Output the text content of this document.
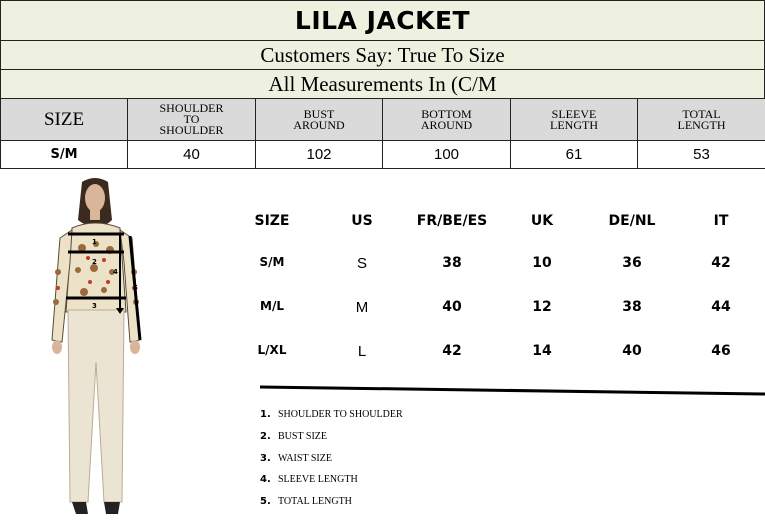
LILA JACKET
Customers Say: True To Size
All Measurements In (C/M
SIZE	SHOULDER TO SHOULDER	BUST AROUND	BOTTOM AROUND	SLEEVE LENGTH	TOTAL LENGTH
S/M	40	102	100	61	53
1
2
3
4
5
SIZE	US	FR/BE/ES	UK	DE/NL	IT
S/M	S	38	10	36	42
M/L	M	40	12	38	44
L/XL	L	42	14	40	46
1. SHOULDER TO SHOULDER
2. BUST SIZE
3. WAIST SIZE
4. SLEEVE LENGTH
5. TOTAL LENGTH
